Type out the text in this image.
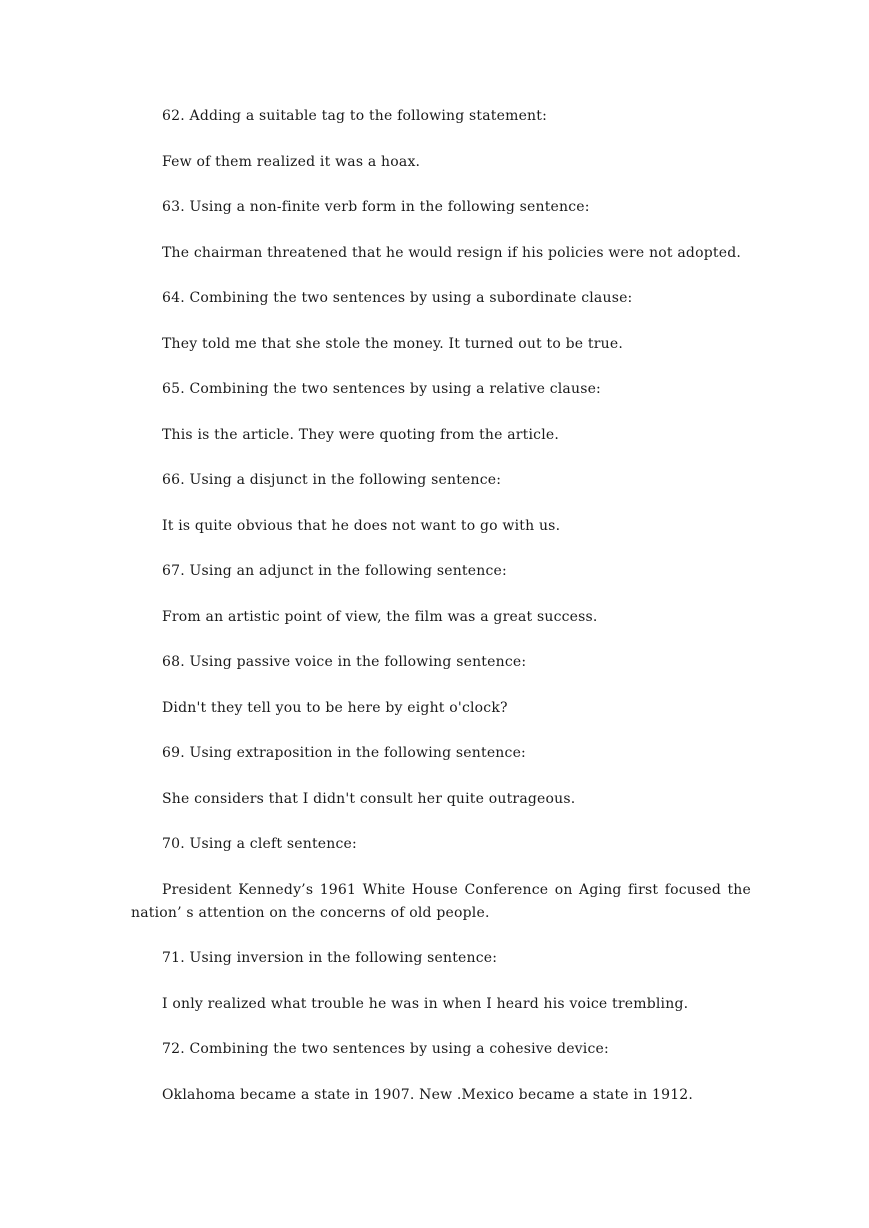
62. Adding a suitable tag to the following statement:
Few of them realized it was a hoax.
63. Using a non-finite verb form in the following sentence:
The chairman threatened that he would resign if his policies were not adopted.
64. Combining the two sentences by using a subordinate clause:
They told me that she stole the money. It turned out to be true.
65. Combining the two sentences by using a relative clause:
This is the article. They were quoting from the article.
66. Using a disjunct in the following sentence:
It is quite obvious that he does not want to go with us.
67. Using an adjunct in the following sentence:
From an artistic point of view, the film was a great success.
68. Using passive voice in the following sentence:
Didn't they tell you to be here by eight o'clock?
69. Using extraposition in the following sentence:
She considers that I didn't consult her quite outrageous.
70. Using a cleft sentence:
President Kennedy’s 1961 White House Conference on Aging first focused the nation’ s attention on the concerns of old people.
71. Using inversion in the following sentence:
I only realized what trouble he was in when I heard his voice trembling.
72. Combining the two sentences by using a cohesive device:
Oklahoma became a state in 1907. New .Mexico became a state in 1912.
